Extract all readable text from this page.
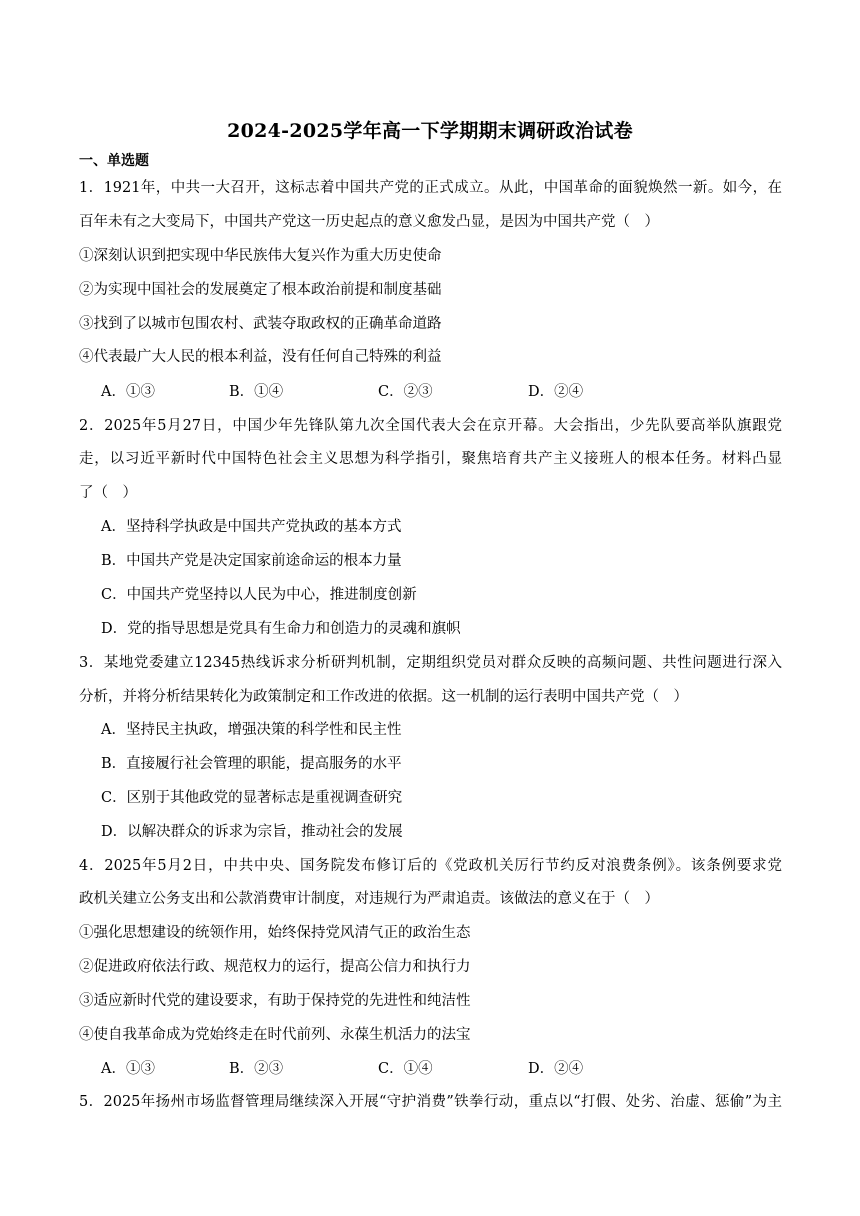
2024-2025学年高一下学期期末调研政治试卷
一、单选题
1．1921年，中共一大召开，这标志着中国共产党的正式成立。从此，中国革命的面貌焕然一新。如今，在
百年未有之大变局下，中国共产党这一历史起点的意义愈发凸显，是因为中国共产党（　）
①深刻认识到把实现中华民族伟大复兴作为重大历史使命
②为实现中国社会的发展奠定了根本政治前提和制度基础
③找到了以城市包围农村、武装夺取政权的正确革命道路
④代表最广大人民的根本利益，没有任何自己特殊的利益
A．①③	B．①④	C．②③	D．②④
2．2025年5月27日，中国少年先锋队第九次全国代表大会在京开幕。大会指出，少先队要高举队旗跟党
走，以习近平新时代中国特色社会主义思想为科学指引，聚焦培育共产主义接班人的根本任务。材料凸显
了（　）
A．坚持科学执政是中国共产党执政的基本方式
B．中国共产党是决定国家前途命运的根本力量
C．中国共产党坚持以人民为中心，推进制度创新
D．党的指导思想是党具有生命力和创造力的灵魂和旗帜
3．某地党委建立12345热线诉求分析研判机制，定期组织党员对群众反映的高频问题、共性问题进行深入
分析，并将分析结果转化为政策制定和工作改进的依据。这一机制的运行表明中国共产党（　）
A．坚持民主执政，增强决策的科学性和民主性
B．直接履行社会管理的职能，提高服务的水平
C．区别于其他政党的显著标志是重视调查研究
D．以解决群众的诉求为宗旨，推动社会的发展
4．2025年5月2日，中共中央、国务院发布修订后的《党政机关厉行节约反对浪费条例》。该条例要求党
政机关建立公务支出和公款消费审计制度，对违规行为严肃追责。该做法的意义在于（　）
①强化思想建设的统领作用，始终保持党风清气正的政治生态
②促进政府依法行政、规范权力的运行，提高公信力和执行力
③适应新时代党的建设要求，有助于保持党的先进性和纯洁性
④使自我革命成为党始终走在时代前列、永葆生机活力的法宝
A．①③	B．②③	C．①④	D．②④
5．2025年扬州市场监督管理局继续深入开展“守护消费”铁拳行动，重点以“打假、处劣、治虚、惩偷”为主
